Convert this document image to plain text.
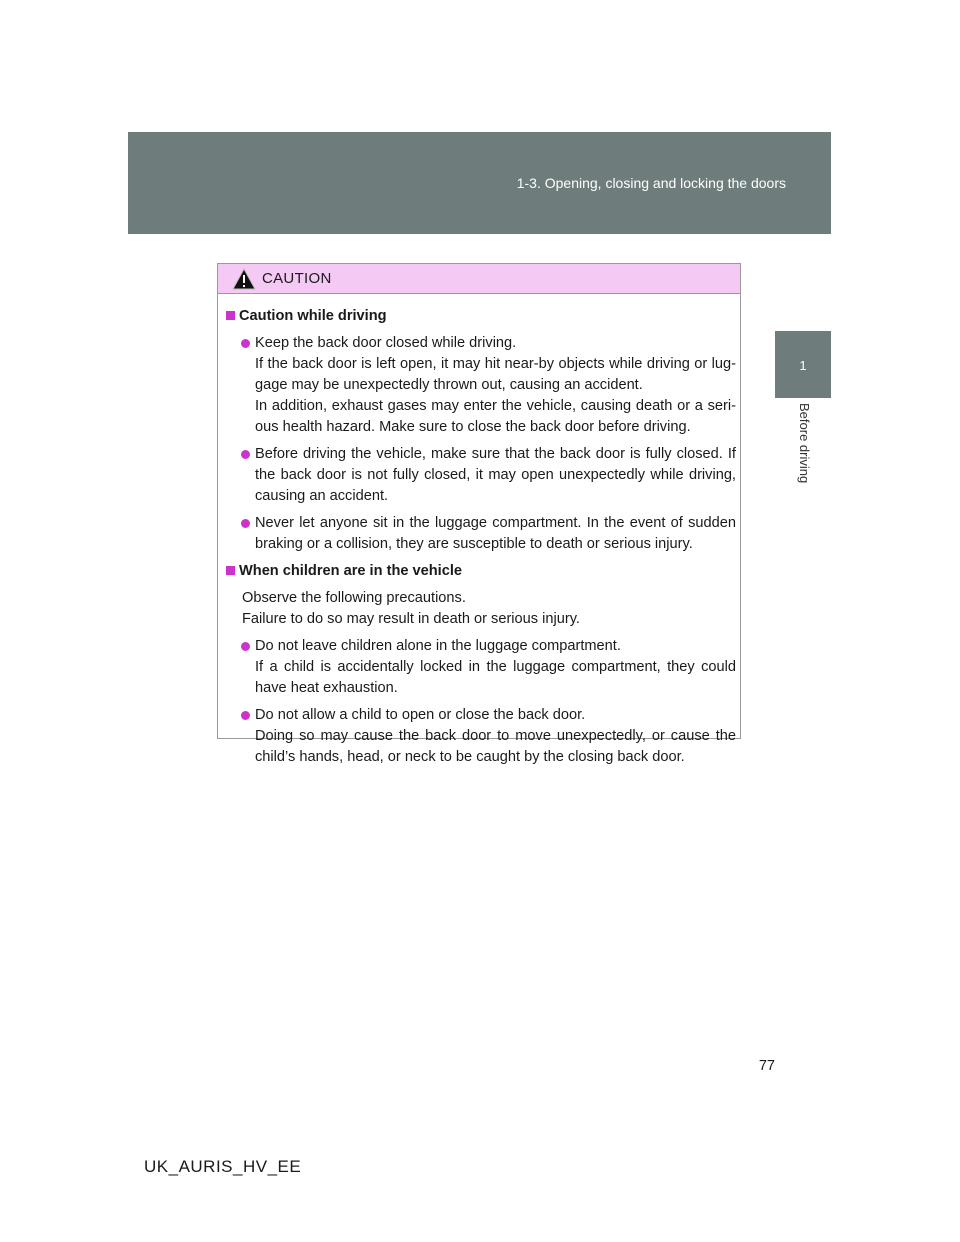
1-3. Opening, closing and locking the doors
1
Before driving
CAUTION
Caution while driving
Keep the back door closed while driving.
If the back door is left open, it may hit near-by objects while driving or lug-gage may be unexpectedly thrown out, causing an accident.
In addition, exhaust gases may enter the vehicle, causing death or a seri-ous health hazard. Make sure to close the back door before driving.
Before driving the vehicle, make sure that the back door is fully closed. If the back door is not fully closed, it may open unexpectedly while driving, causing an accident.
Never let anyone sit in the luggage compartment. In the event of sudden braking or a collision, they are susceptible to death or serious injury.
When children are in the vehicle
Observe the following precautions.
Failure to do so may result in death or serious injury.
Do not leave children alone in the luggage compartment.
If a child is accidentally locked in the luggage compartment, they could have heat exhaustion.
Do not allow a child to open or close the back door.
Doing so may cause the back door to move unexpectedly, or cause the child’s hands, head, or neck to be caught by the closing back door.
77
UK_AURIS_HV_EE
